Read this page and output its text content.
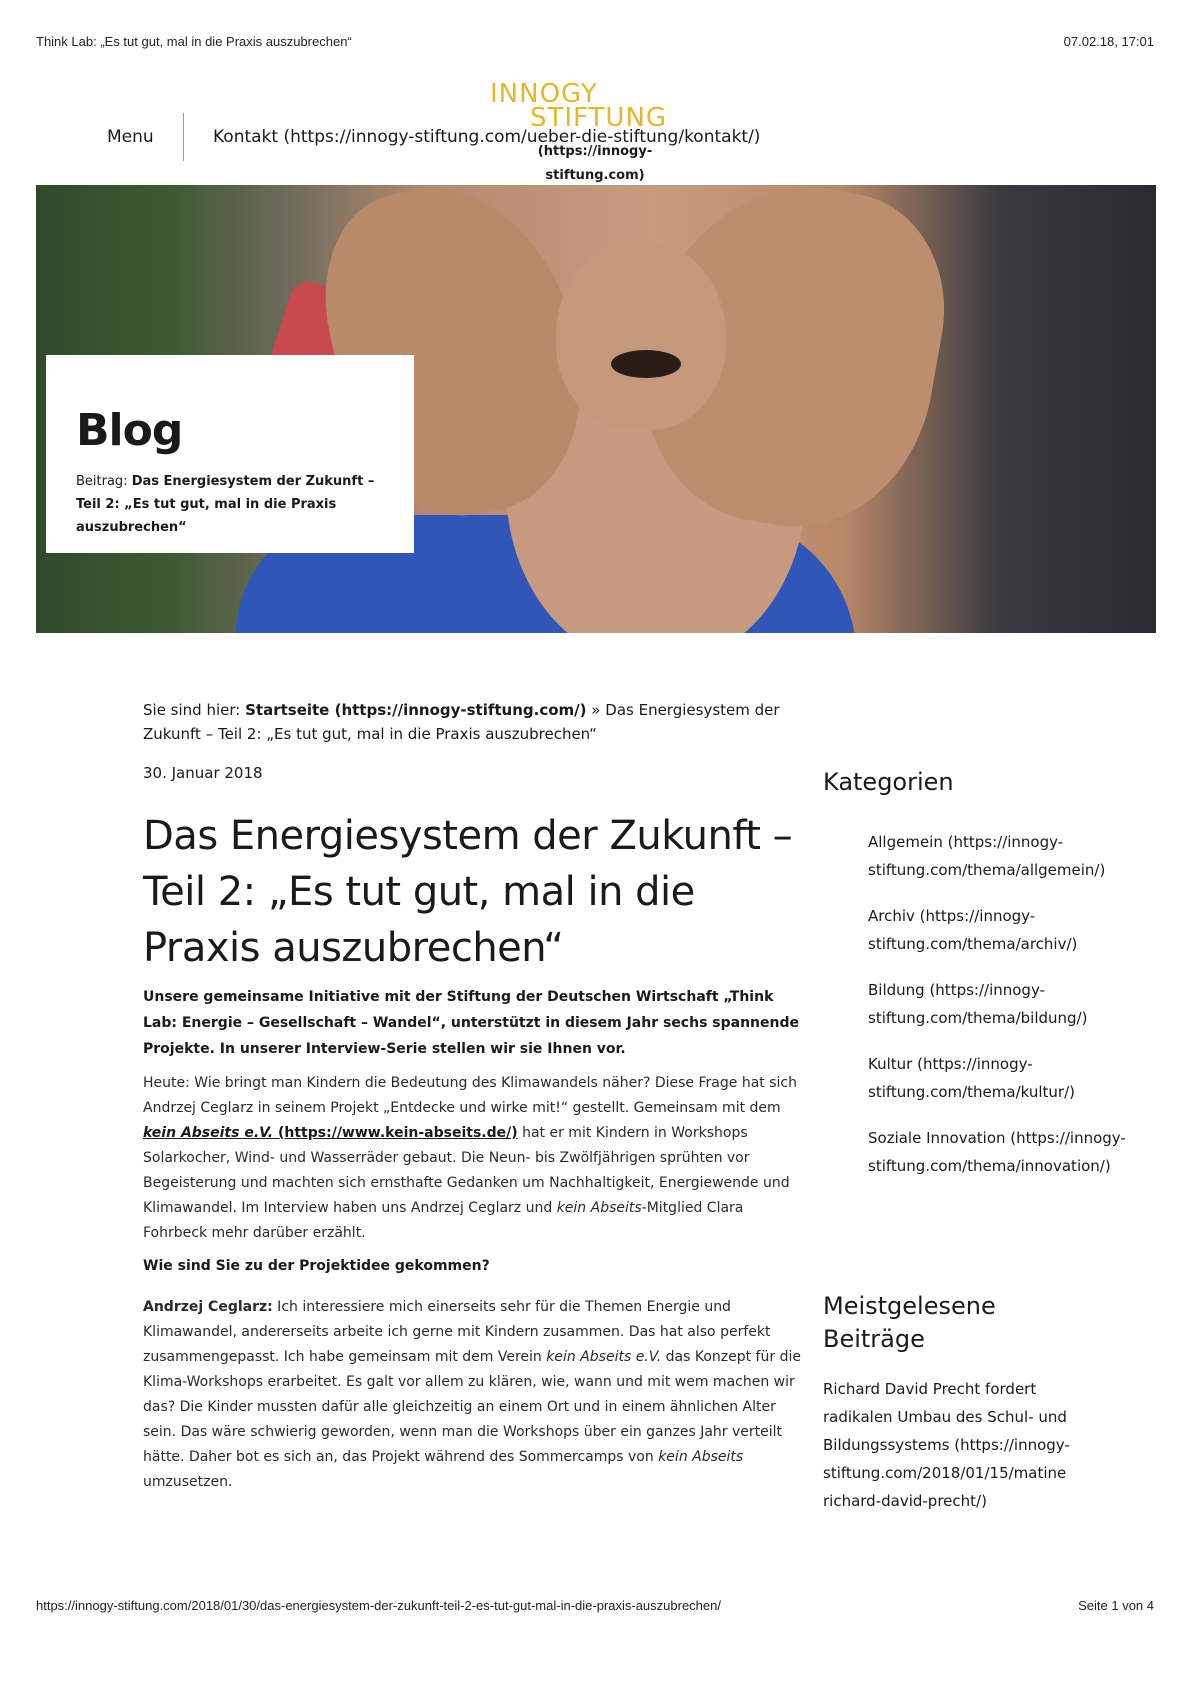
Think Lab: „Es tut gut, mal in die Praxis auszubrechen“	07.02.18, 17:01
INNOGY
STIFTUNG
(https://innogy-stiftung.com)
Menu	Kontakt (https://innogy-stiftung.com/ueber-die-stiftung/kontakt/)
Blog
Beitrag: Das Energiesystem der Zukunft – Teil 2: „Es tut gut, mal in die Praxis auszubrechen“
Sie sind hier: Startseite (https://innogy-stiftung.com/) » Das Energiesystem der Zukunft – Teil 2: „Es tut gut, mal in die Praxis auszubrechen“
30. Januar 2018
Das Energiesystem der Zukunft – Teil 2: „Es tut gut, mal in die Praxis auszubrechen“
Unsere gemeinsame Initiative mit der Stiftung der Deutschen Wirtschaft „Think Lab: Energie – Gesellschaft – Wandel“, unterstützt in diesem Jahr sechs spannende Projekte. In unserer Interview-Serie stellen wir sie Ihnen vor.
Heute: Wie bringt man Kindern die Bedeutung des Klimawandels näher? Diese Frage hat sich Andrzej Ceglarz in seinem Projekt „Entdecke und wirke mit!“ gestellt. Gemeinsam mit dem kein Abseits e.V. (https://www.kein-abseits.de/) hat er mit Kindern in Workshops Solarkocher, Wind- und Wasserräder gebaut. Die Neun- bis Zwölfjährigen sprühten vor Begeisterung und machten sich ernsthafte Gedanken um Nachhaltigkeit, Energiewende und Klimawandel. Im Interview haben uns Andrzej Ceglarz und kein Abseits-Mitglied Clara Fohrbeck mehr darüber erzählt.
Wie sind Sie zu der Projektidee gekommen?
Andrzej Ceglarz: Ich interessiere mich einerseits sehr für die Themen Energie und Klimawandel, andererseits arbeite ich gerne mit Kindern zusammen. Das hat also perfekt zusammengepasst. Ich habe gemeinsam mit dem Verein kein Abseits e.V. das Konzept für die Klima-Workshops erarbeitet. Es galt vor allem zu klären, wie, wann und mit wem machen wir das? Die Kinder mussten dafür alle gleichzeitig an einem Ort und in einem ähnlichen Alter sein. Das wäre schwierig geworden, wenn man die Workshops über ein ganzes Jahr verteilt hätte. Daher bot es sich an, das Projekt während des Sommercamps von kein Abseits umzusetzen.
Kategorien
Allgemein (https://innogy-stiftung.com/thema/allgemein/)
Archiv (https://innogy-stiftung.com/thema/archiv/)
Bildung (https://innogy-stiftung.com/thema/bildung/)
Kultur (https://innogy-stiftung.com/thema/kultur/)
Soziale Innovation (https://innogy-stiftung.com/thema/innovation/)
Meistgelesene Beiträge
Richard David Precht fordert radikalen Umbau des Schul- und Bildungssystems (https://innogy-stiftung.com/2018/01/15/matine richard-david-precht/)
https://innogy-stiftung.com/2018/01/30/das-energiesystem-der-zukunft-teil-2-es-tut-gut-mal-in-die-praxis-auszubrechen/	Seite 1 von 4
